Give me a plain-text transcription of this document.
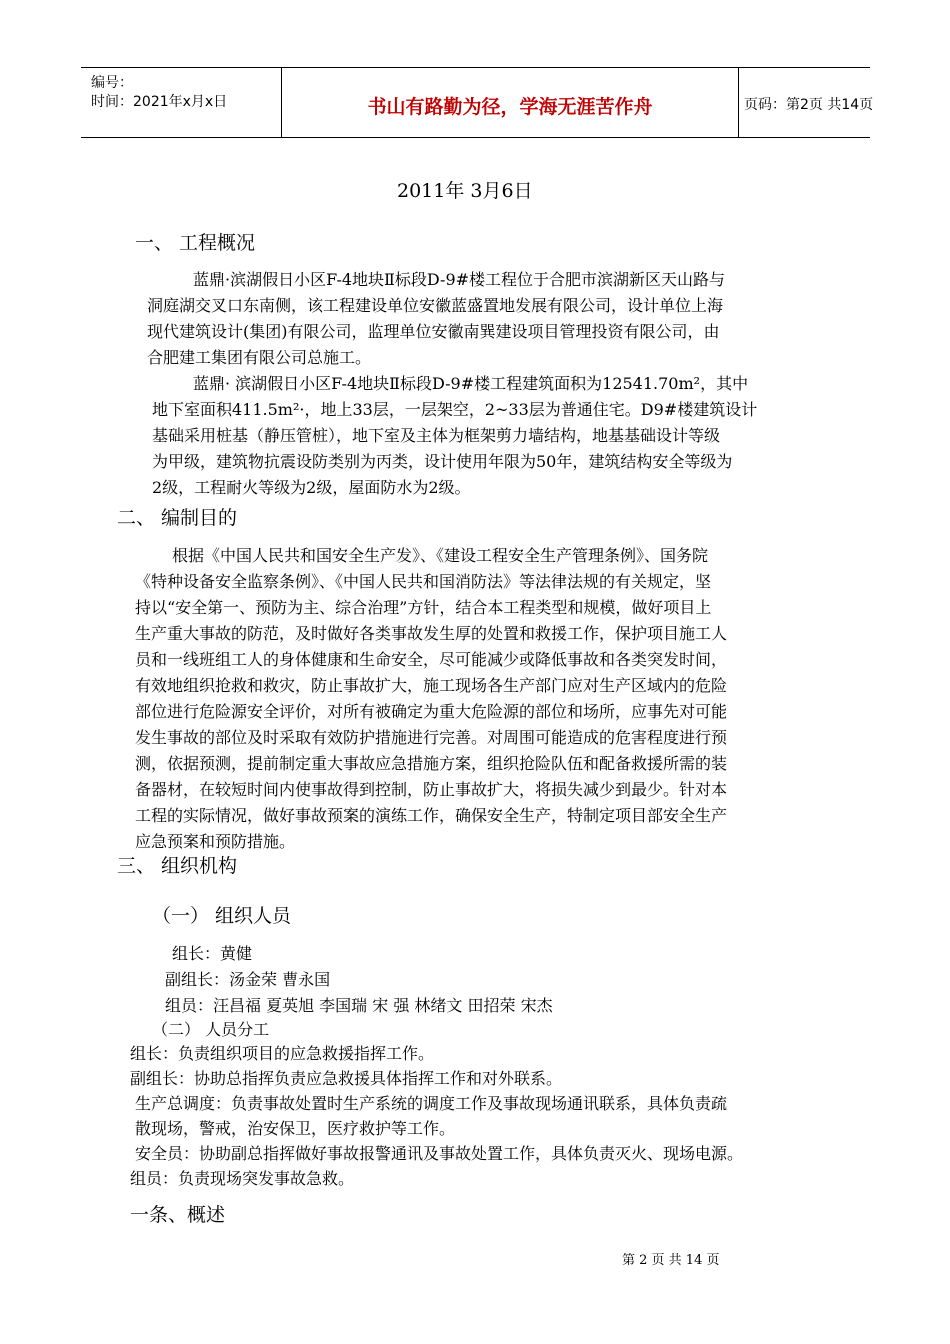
编号：
时间：2021年x月x日	书山有路勤为径，学海无涯苦作舟	页码：第2页 共14页
2011年 3月6日
一、 工程概况
蓝鼎·滨湖假日小区F-4地块Ⅱ标段D-9#楼工程位于合肥市滨湖新区天山路与
洞庭湖交叉口东南侧，该工程建设单位安徽蓝盛置地发展有限公司，设计单位上海
现代建筑设计(集团)有限公司，监理单位安徽南巽建设项目管理投资有限公司，由
合肥建工集团有限公司总施工。
蓝鼎· 滨湖假日小区F-4地块Ⅱ标段D-9#楼工程建筑面积为12541.70m²，其中
地下室面积411.5m²·，地上33层，一层架空，2~33层为普通住宅。D9#楼建筑设计
基础采用桩基（静压管桩），地下室及主体为框架剪力墙结构，地基基础设计等级
为甲级，建筑物抗震设防类别为丙类，设计使用年限为50年，建筑结构安全等级为
2级，工程耐火等级为2级，屋面防水为2级。
二、 编制目的
根据《中国人民共和国安全生产发》、《建设工程安全生产管理条例》、国务院
《特种设备安全监察条例》、《中国人民共和国消防法》等法律法规的有关规定，坚
持以“安全第一、预防为主、综合治理”方针，结合本工程类型和规模，做好项目上
生产重大事故的防范，及时做好各类事故发生厚的处置和救援工作，保护项目施工人
员和一线班组工人的身体健康和生命安全，尽可能减少或降低事故和各类突发时间，
有效地组织抢救和救灾，防止事故扩大，施工现场各生产部门应对生产区域内的危险
部位进行危险源安全评价，对所有被确定为重大危险源的部位和场所，应事先对可能
发生事故的部位及时采取有效防护措施进行完善。对周围可能造成的危害程度进行预
测，依据预测，提前制定重大事故应急措施方案，组织抢险队伍和配备救援所需的装
备器材，在较短时间内使事故得到控制，防止事故扩大，将损失减少到最少。针对本
工程的实际情况，做好事故预案的演练工作，确保安全生产，特制定项目部安全生产
应急预案和预防措施。
三、 组织机构
（一） 组织人员
组长：黄健
副组长：汤金荣 曹永国
组员：汪昌福 夏英旭 李国瑞 宋 强 林绪文 田招荣 宋杰
（二） 人员分工
组长：负责组织项目的应急救援指挥工作。
副组长：协助总指挥负责应急救援具体指挥工作和对外联系。
生产总调度：负责事故处置时生产系统的调度工作及事故现场通讯联系，具体负责疏
散现场，警戒，治安保卫，医疗救护等工作。
安全员：协助副总指挥做好事故报警通讯及事故处置工作，具体负责灭火、现场电源。
组员：负责现场突发事故急救。
一条、概述
第 2 页 共 14 页
